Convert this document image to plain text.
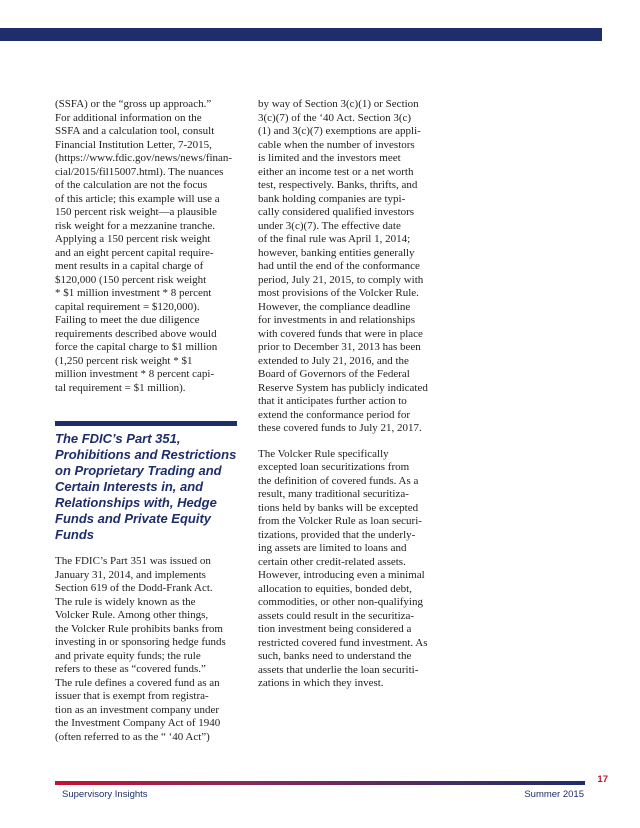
(SSFA) or the “gross up approach.”
For additional information on the
SSFA and a calculation tool, consult
Financial Institution Letter, 7-2015,
(https://www.fdic.gov/news/news/finan-
cial/2015/fil15007.html). The nuances
of the calculation are not the focus
of this article; this example will use a
150 percent risk weight—a plausible
risk weight for a mezzanine tranche.
Applying a 150 percent risk weight
and an eight percent capital require-
ment results in a capital charge of
$120,000 (150 percent risk weight
* $1 million investment * 8 percent
capital requirement = $120,000).
Failing to meet the due diligence
requirements described above would
force the capital charge to $1 million
(1,250 percent risk weight * $1
million investment * 8 percent capi-
tal requirement = $1 million).

The FDIC’s Part 351,
Prohibitions and Restrictions
on Proprietary Trading and
Certain Interests in, and
Relationships with, Hedge
Funds and Private Equity
Funds

The FDIC’s Part 351 was issued on
January 31, 2014, and implements
Section 619 of the Dodd-Frank Act.
The rule is widely known as the
Volcker Rule. Among other things,
the Volcker Rule prohibits banks from
investing in or sponsoring hedge funds
and private equity funds; the rule
refers to these as “covered funds.”
The rule defines a covered fund as an
issuer that is exempt from registra-
tion as an investment company under
the Investment Company Act of 1940
(often referred to as the “ ‘40 Act”)

by way of Section 3(c)(1) or Section
3(c)(7) of the ‘40 Act. Section 3(c)
(1) and 3(c)(7) exemptions are appli-
cable when the number of investors
is limited and the investors meet
either an income test or a net worth
test, respectively. Banks, thrifts, and
bank holding companies are typi-
cally considered qualified investors
under 3(c)(7). The effective date
of the final rule was April 1, 2014;
however, banking entities generally
had until the end of the conformance
period, July 21, 2015, to comply with
most provisions of the Volcker Rule.
However, the compliance deadline
for investments in and relationships
with covered funds that were in place
prior to December 31, 2013 has been
extended to July 21, 2016, and the
Board of Governors of the Federal
Reserve System has publicly indicated
that it anticipates further action to
extend the conformance period for
these covered funds to July 21, 2017.

The Volcker Rule specifically
excepted loan securitizations from
the definition of covered funds. As a
result, many traditional securitiza-
tions held by banks will be excepted
from the Volcker Rule as loan securi-
tizations, provided that the underly-
ing assets are limited to loans and
certain other credit-related assets.
However, introducing even a minimal
allocation to equities, bonded debt,
commodities, or other non-qualifying
assets could result in the securitiza-
tion investment being considered a
restricted covered fund investment. As
such, banks need to understand the
assets that underlie the loan securiti-
zations in which they invest.

17
Supervisory Insights	Summer 2015
